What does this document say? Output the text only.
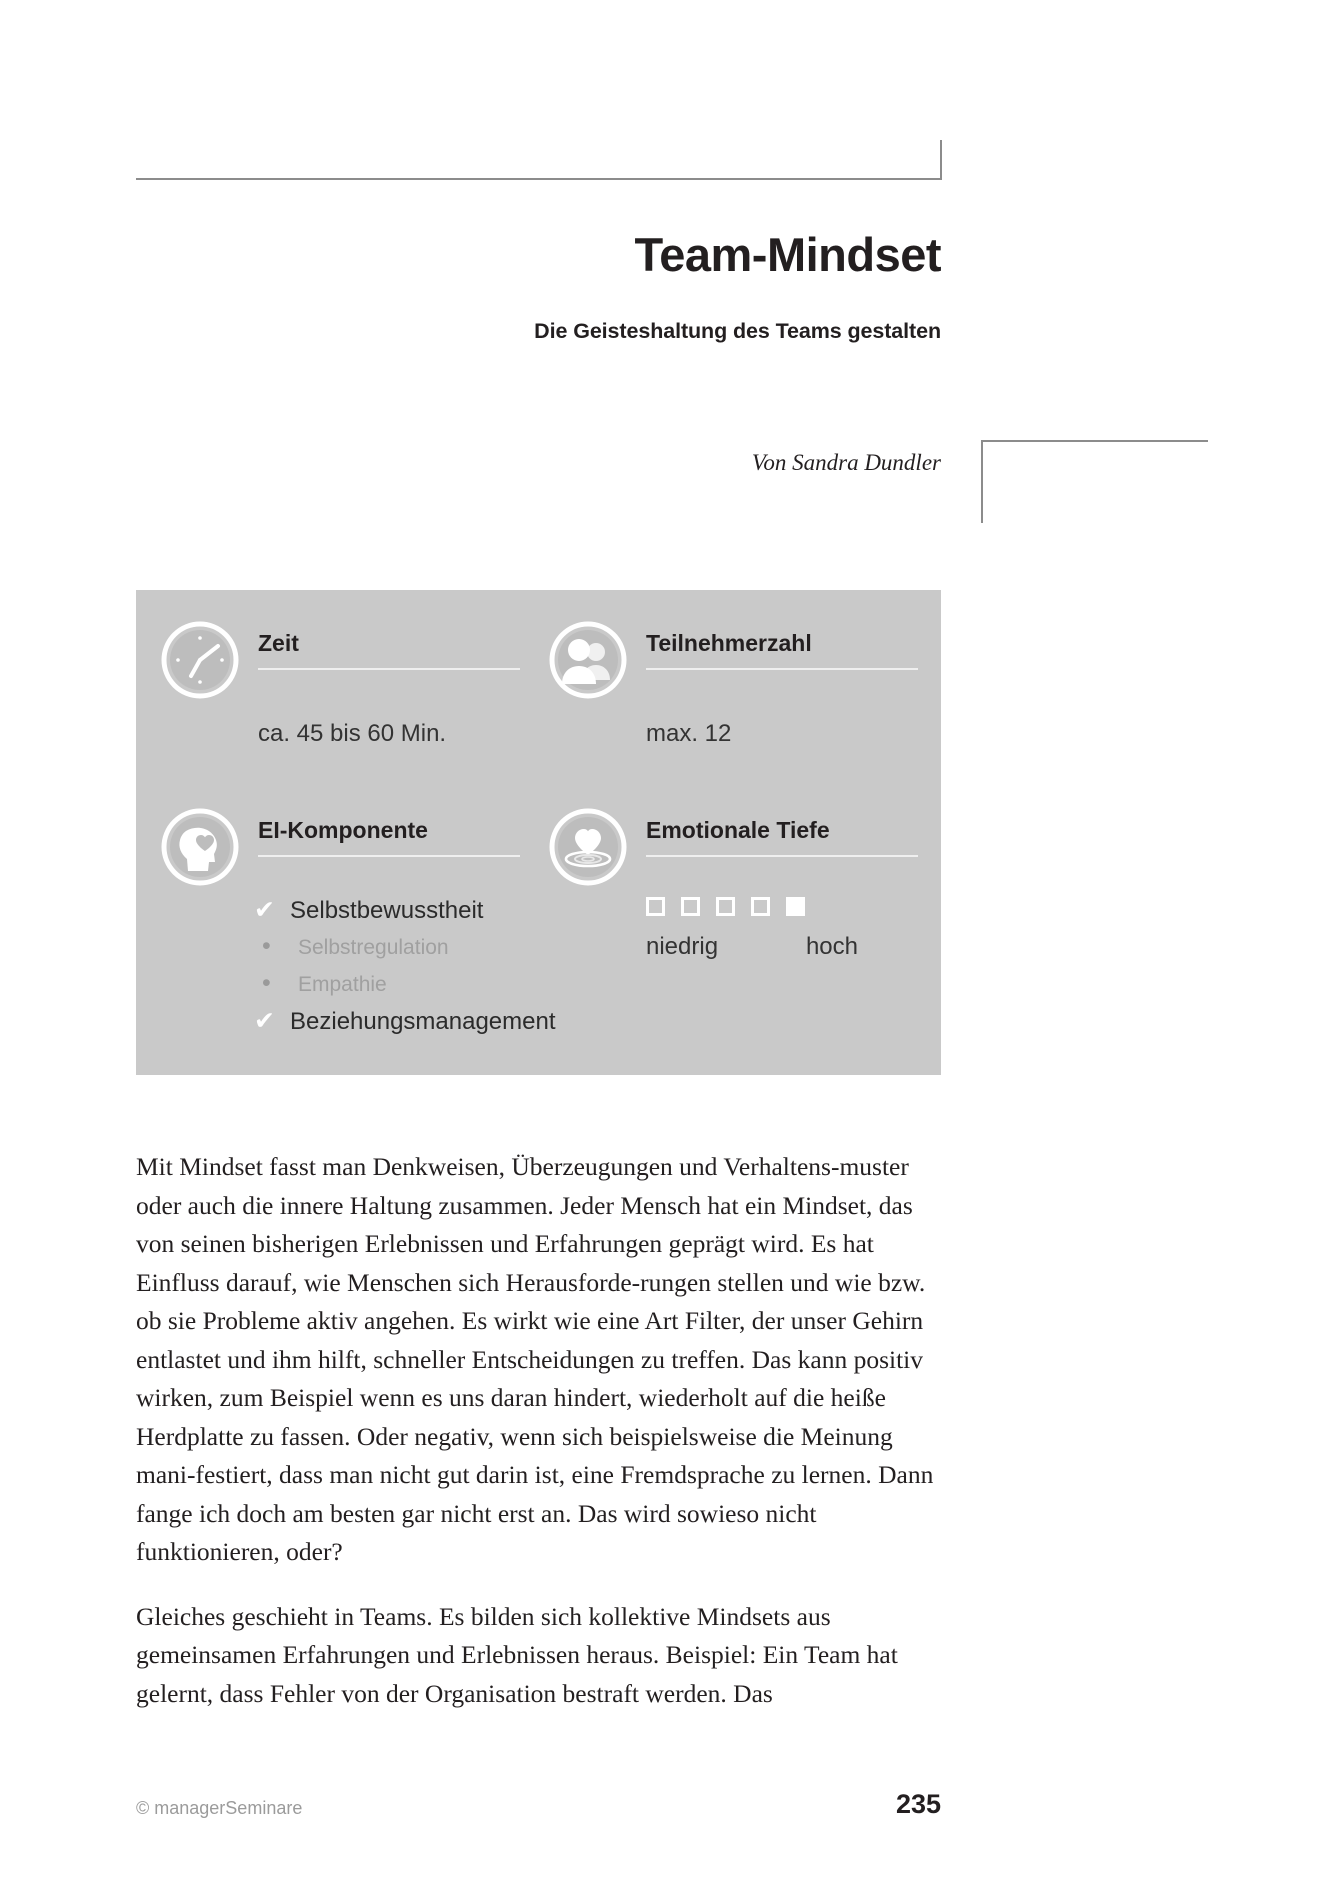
Team-Mindset
Die Geisteshaltung des Teams gestalten
Von Sandra Dundler
Zeit
ca. 45 bis 60 Min.
Teilnehmerzahl
max. 12
EI-Komponente
✔ Selbstbewusstheit
•	Selbstregulation
•	Empathie
✔ Beziehungsmanagement
Emotionale Tiefe
niedrig	hoch

Mit Mindset fasst man Denkweisen, Überzeugungen und Verhaltens-muster oder auch die innere Haltung zusammen. Jeder Mensch hat ein Mindset, das von seinen bisherigen Erlebnissen und Erfahrungen geprägt wird. Es hat Einfluss darauf, wie Menschen sich Herausforde-rungen stellen und wie bzw. ob sie Probleme aktiv angehen. Es wirkt wie eine Art Filter, der unser Gehirn entlastet und ihm hilft, schneller Entscheidungen zu treffen. Das kann positiv wirken, zum Beispiel wenn es uns daran hindert, wiederholt auf die heiße Herdplatte zu fassen. Oder negativ, wenn sich beispielsweise die Meinung mani-festiert, dass man nicht gut darin ist, eine Fremdsprache zu lernen. Dann fange ich doch am besten gar nicht erst an. Das wird sowieso nicht funktionieren, oder?

Gleiches geschieht in Teams. Es bilden sich kollektive Mindsets aus gemeinsamen Erfahrungen und Erlebnissen heraus. Beispiel: Ein Team hat gelernt, dass Fehler von der Organisation bestraft werden. Das

© managerSeminare	235
